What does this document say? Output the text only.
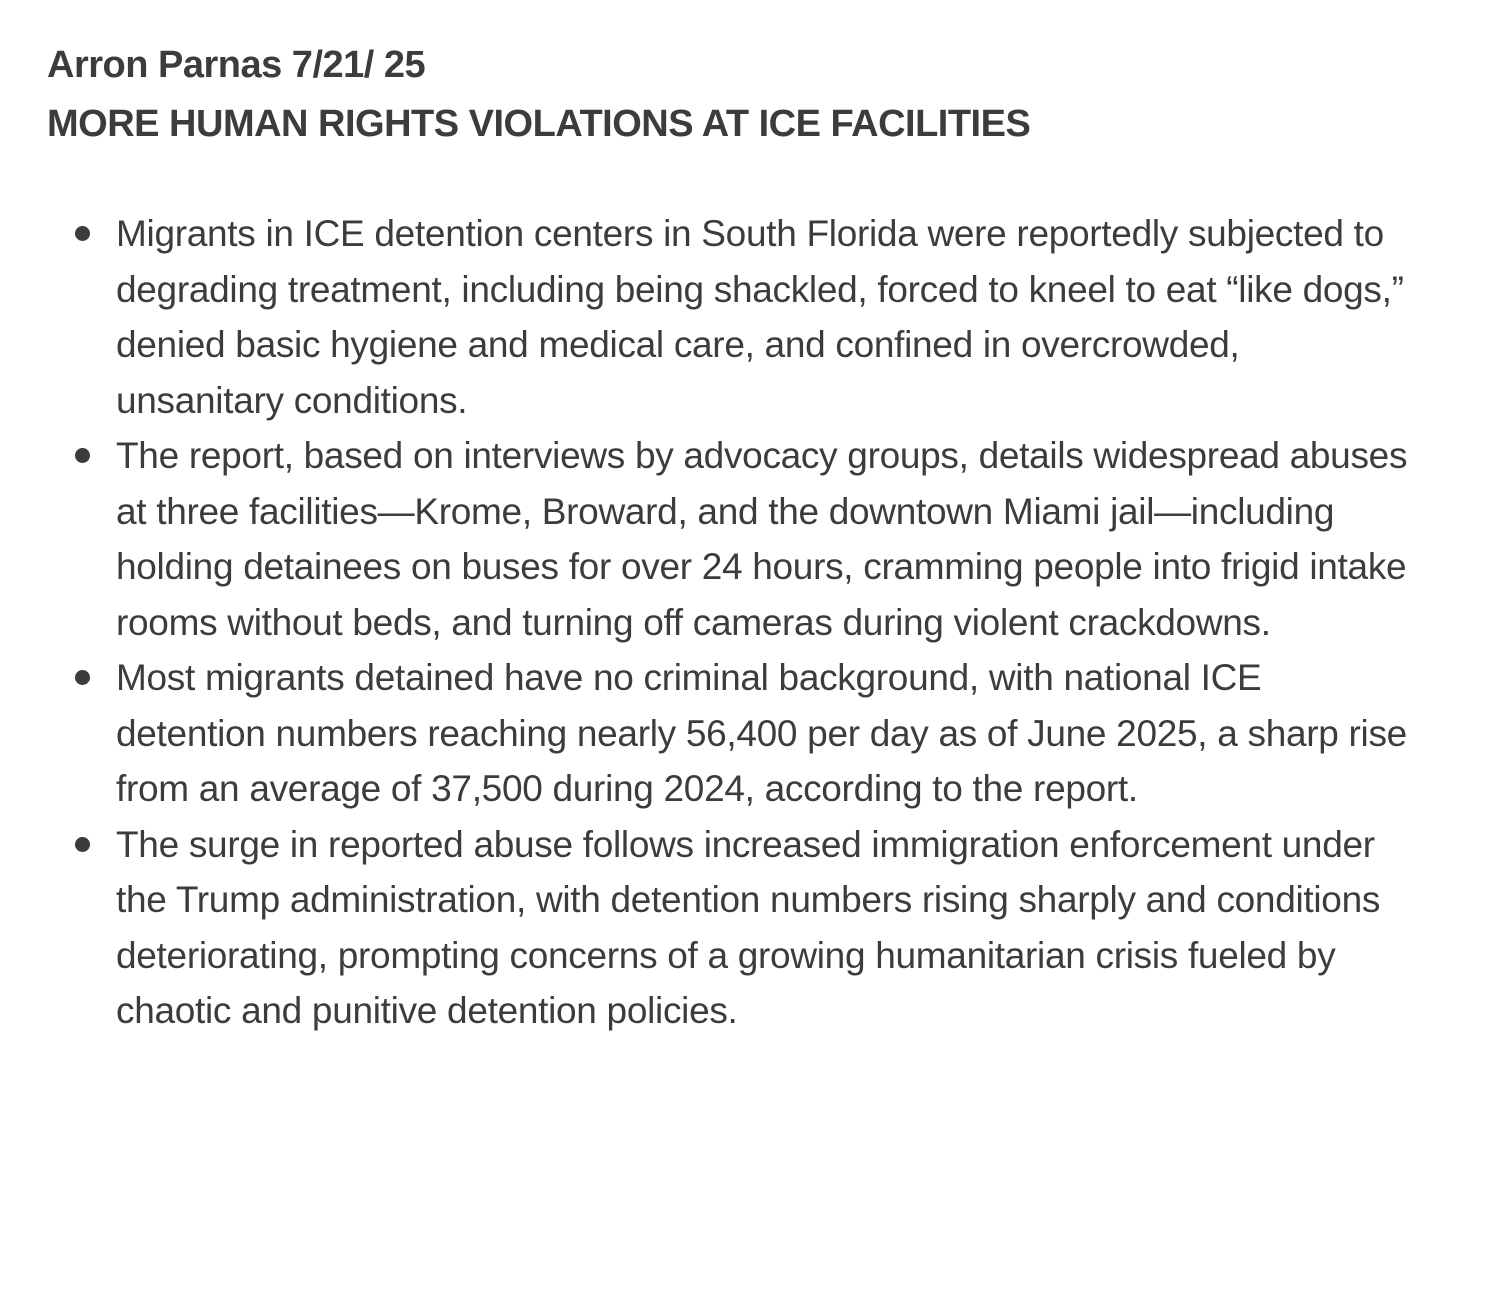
Arron Parnas 7/21/ 25
MORE HUMAN RIGHTS VIOLATIONS AT ICE FACILITIES
Migrants in ICE detention centers in South Florida were reportedly subjected to degrading treatment, including being shackled, forced to kneel to eat “like dogs,” denied basic hygiene and medical care, and confined in overcrowded, unsanitary conditions.
The report, based on interviews by advocacy groups, details widespread abuses at three facilities—Krome, Broward, and the downtown Miami jail—including holding detainees on buses for over 24 hours, cramming people into frigid intake rooms without beds, and turning off cameras during violent crackdowns.
Most migrants detained have no criminal background, with national ICE detention numbers reaching nearly 56,400 per day as of June 2025, a sharp rise from an average of 37,500 during 2024, according to the report.
The surge in reported abuse follows increased immigration enforcement under the Trump administration, with detention numbers rising sharply and conditions deteriorating, prompting concerns of a growing humanitarian crisis fueled by chaotic and punitive detention policies.
